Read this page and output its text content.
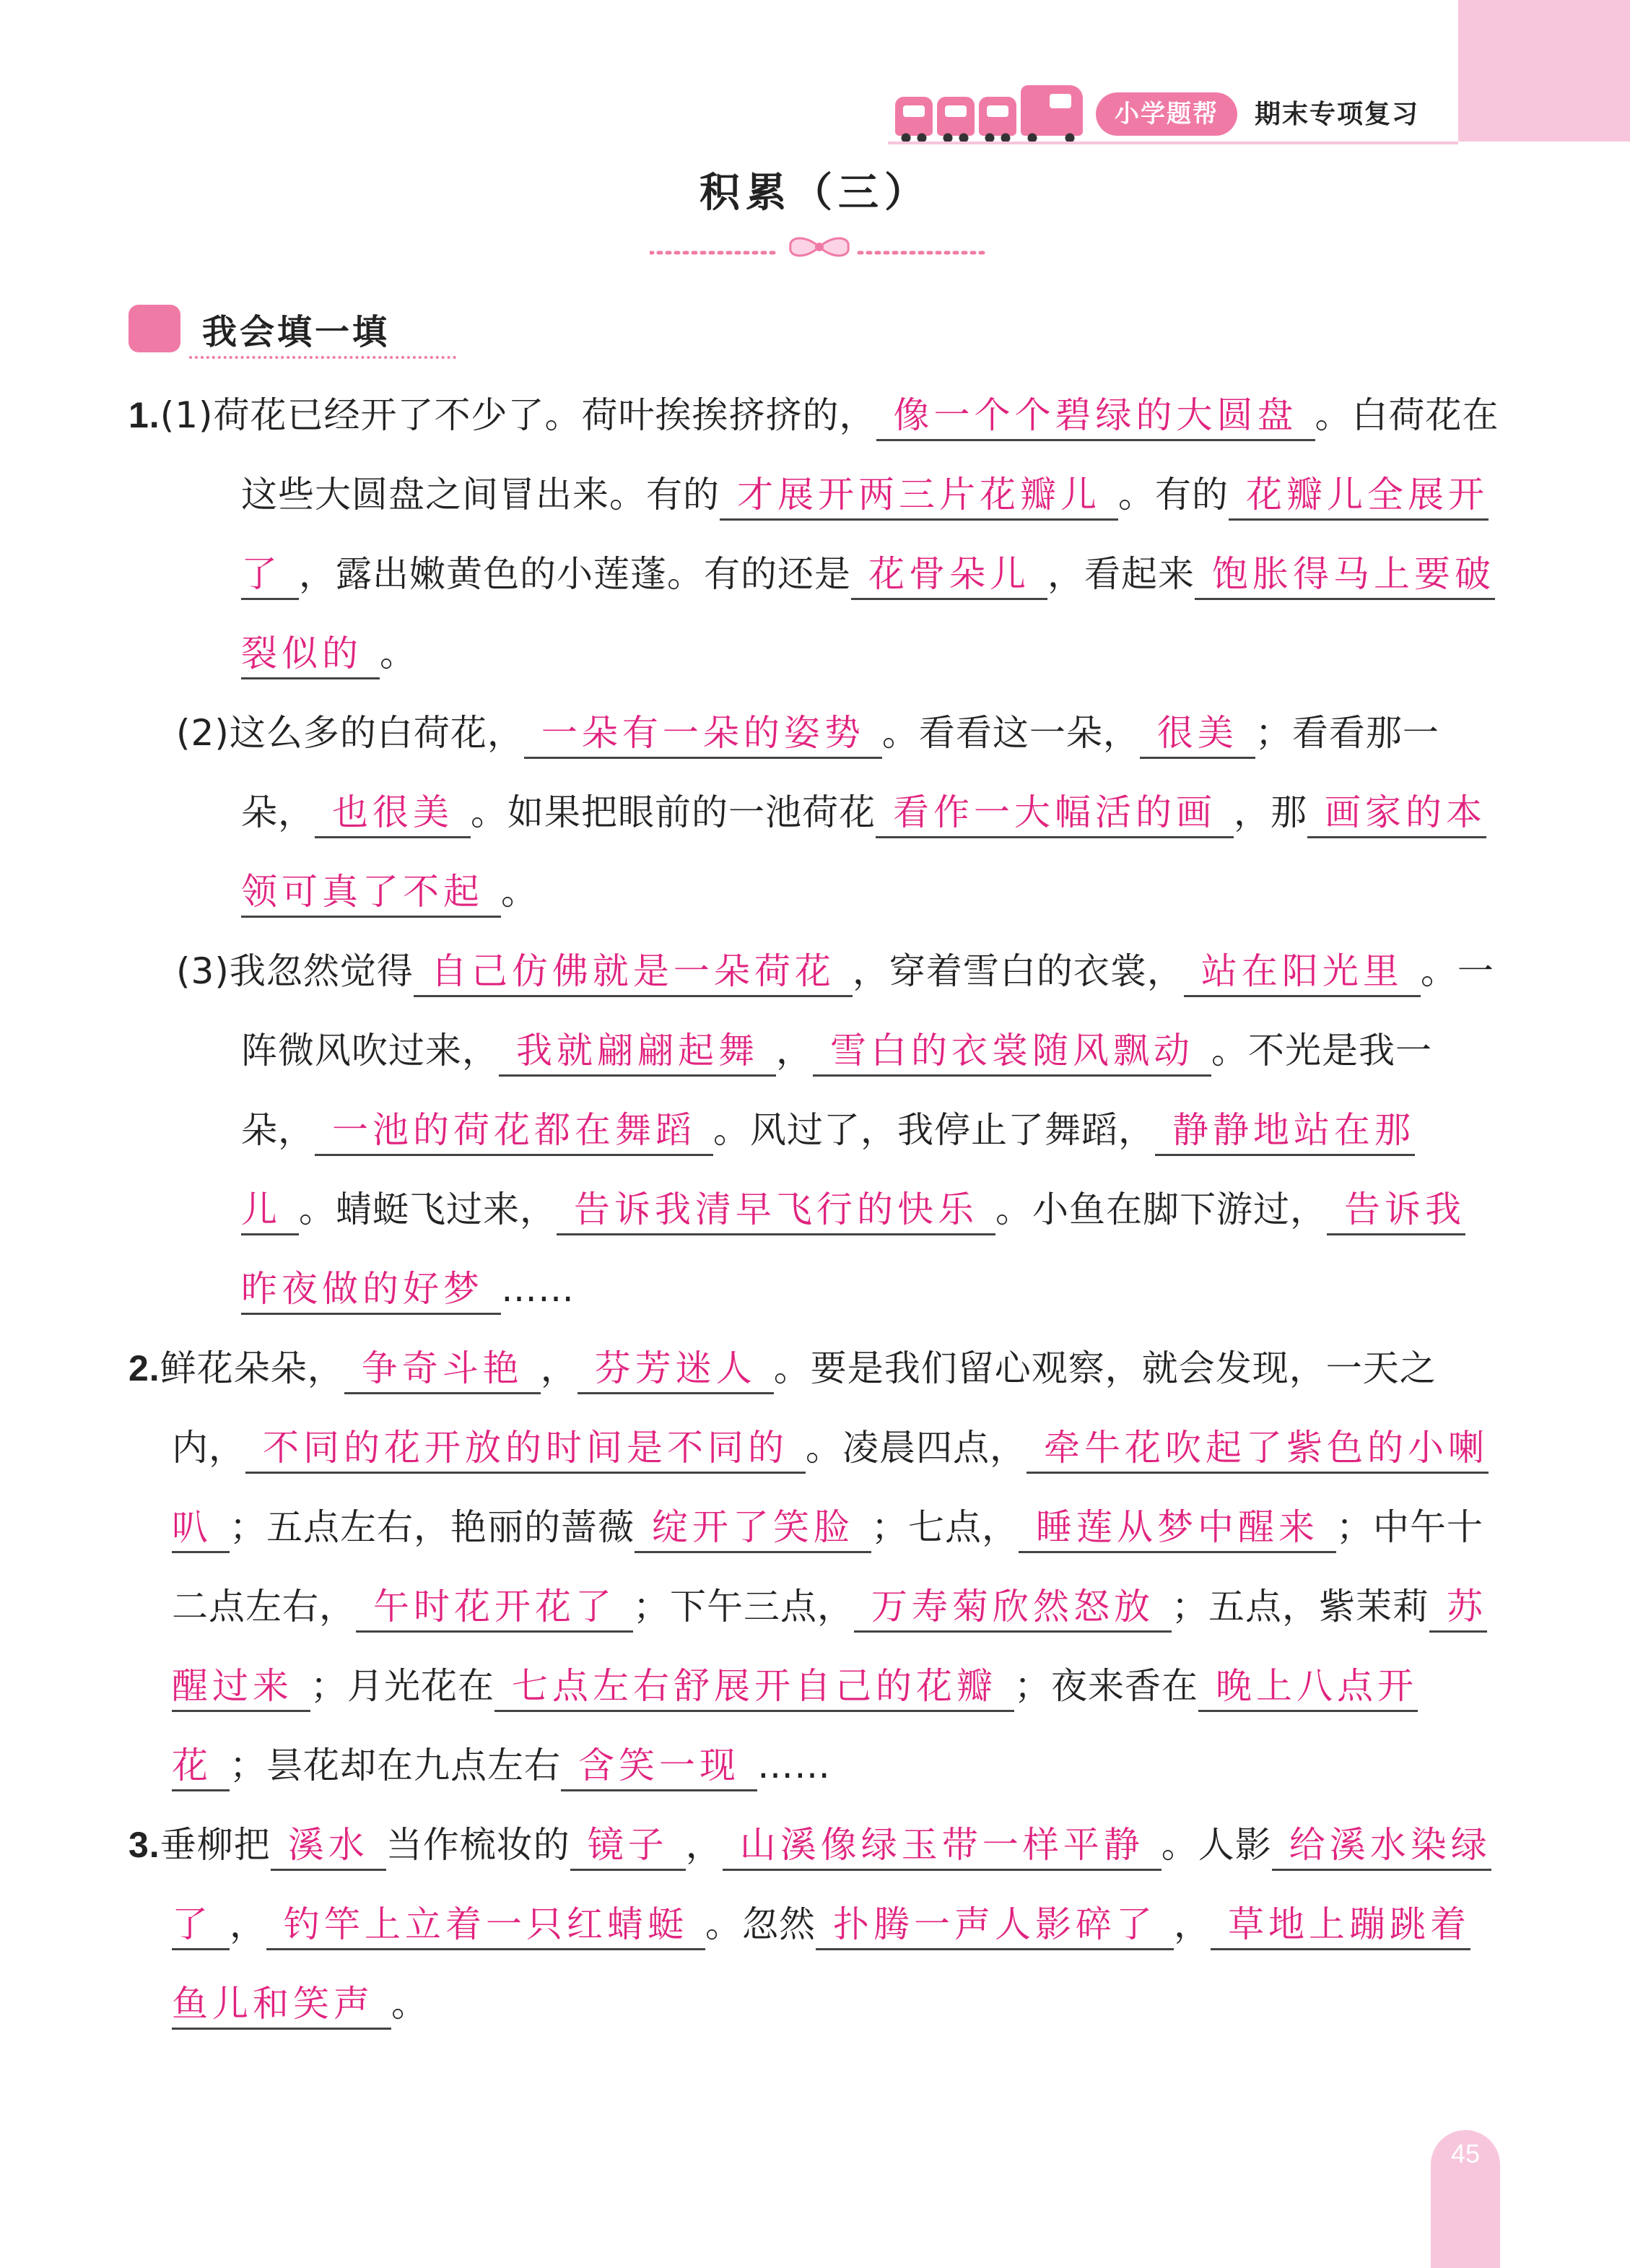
小学题帮	期末专项复习
积累（三）
我会填一填
1.(1)荷花已经开了不少了。荷叶挨挨挤挤的， 像一个个碧绿的大圆盘 。白荷花在这些大圆盘之间冒出来。有的 才展开两三片花瓣儿 。有的 花瓣儿全展开了 ，露出嫩黄色的小莲蓬。有的还是 花骨朵儿 ，看起来 饱胀得马上要破裂似的 。
(2)这么多的白荷花， 一朵有一朵的姿势 。看看这一朵， 很美 ；看看那一朵， 也很美 。如果把眼前的一池荷花 看作一大幅活的画 ，那 画家的本领可真了不起 。
(3)我忽然觉得 自己仿佛就是一朵荷花 ，穿着雪白的衣裳， 站在阳光里 。一阵微风吹过来， 我就翩翩起舞 ， 雪白的衣裳随风飘动 。不光是我一朵， 一池的荷花都在舞蹈 。风过了，我停止了舞蹈， 静静地站在那儿 。蜻蜓飞过来， 告诉我清早飞行的快乐 。小鱼在脚下游过， 告诉我昨夜做的好梦 ……
2.鲜花朵朵， 争奇斗艳 ， 芬芳迷人 。要是我们留心观察，就会发现，一天之内， 不同的花开放的时间是不同的 。凌晨四点， 牵牛花吹起了紫色的小喇叭 ；五点左右，艳丽的蔷薇 绽开了笑脸 ；七点， 睡莲从梦中醒来 ；中午十二点左右， 午时花开花了 ；下午三点， 万寿菊欣然怒放 ；五点，紫茉莉 苏醒过来 ；月光花在 七点左右舒展开自己的花瓣 ；夜来香在 晚上八点开花 ；昙花却在九点左右 含笑一现 ……
3.垂柳把 溪水 当作梳妆的 镜子 ， 山溪像绿玉带一样平静 。人影 给溪水染绿了 ， 钓竿上立着一只红蜻蜓 。忽然 扑腾一声人影碎了 ， 草地上蹦跳着鱼儿和笑声 。
45
